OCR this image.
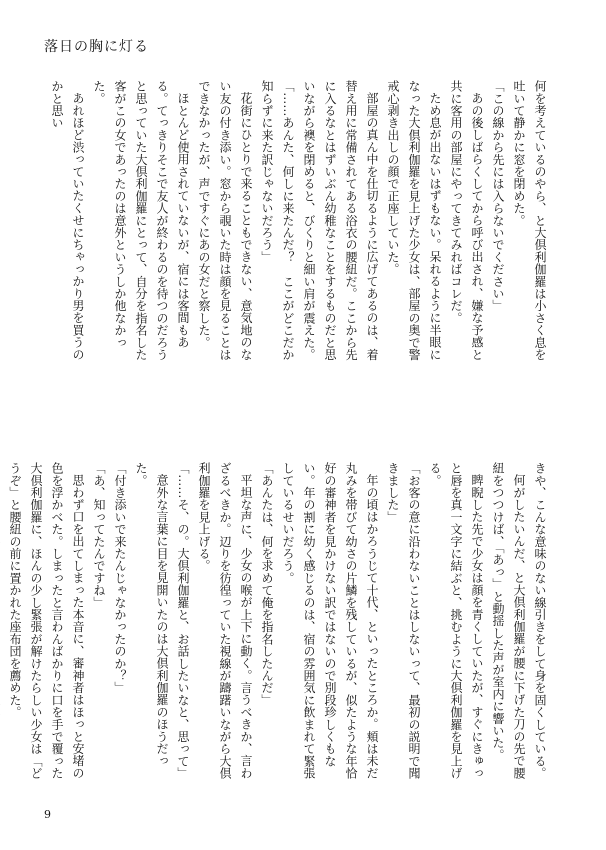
落日の胸に灯る

何を考えているのやら、と大倶利伽羅は小さく息を吐いて静かに窓を閉めた。

「この線から先には入らないでください」

あの後しばらくしてから呼び出され、嫌な予感と共に客用の部屋にやってきてみればコレだ。

ため息が出ないはずもない。呆れるように半眼になった大倶利伽羅を見上げた少女は、部屋の奥で警戒心剥き出しの顔で正座していた。

部屋の真ん中を仕切るように広げてあるのは、着替え用に常備されてある浴衣の腰紐だ。ここから先に入るなとはずいぶん幼稚なことをするものだと思いながら襖を閉めると、びくりと細い肩が震えた。

「……あんた、何しに来たんだ？　ここがどこだか知らずに来た訳じゃないだろう」

花街にひとりで来ることもできない、意気地のない友の付き添い。窓から覗いた時は顔を見ることはできなかったが、声ですぐにあの女だと察した。

ほとんど使用されていないが、宿には客間もある。てっきりそこで友人が終わるのを待つのだろうと思っていた大倶利伽羅にとって、自分を指名した客がこの女であったのは意外というしか他なかった。

あれほど渋っていたくせにちゃっかり男を買うのかと思い

きや、こんな意味のない線引きをして身を固くしている。

何がしたいんだ、と大倶利伽羅が腰に下げた刀の先で腰紐をつつけば、「あっ」と動揺した声が室内に響いた。

睥睨した先で少女は顔を青くしていたが、すぐにきゅっと唇を真一文字に結ぶと、挑むように大倶利伽羅を見上げる。

「お客の意に沿わないことはしないって、最初の説明で聞きました」

年の頃はかろうじて十代、といったところか。頬は未だ丸みを帯びて幼さの片鱗を残しているが、似たような年恰好の審神者を見かけない訳ではないので別段珍しくもない。年の割に幼く感じるのは、宿の雰囲気に飲まれて緊張しているせいだろう。

「あんたは、何を求めて俺を指名したんだ」

平坦な声に、少女の喉が上下に動く。言うべきか、言わざるべきか。辺りを彷徨っていた視線が躊躇いながら大倶利伽羅を見上げる。

「……そ、の。大倶利伽羅と、お話したいなと、思って」

意外な言葉に目を見開いたのは大倶利伽羅のほうだった。

「付き添いで来たんじゃなかったのか？」

「あ、知ってたんですね」

思わず口を出てしまった本音に、審神者はほっと安堵の色を浮かべた。しまったと言わんばかりに口を手で覆った大倶利伽羅に、ほんの少し緊張が解けたらしい少女は「どうぞ」と腰紐の前に置かれた座布団を薦めた。

9
